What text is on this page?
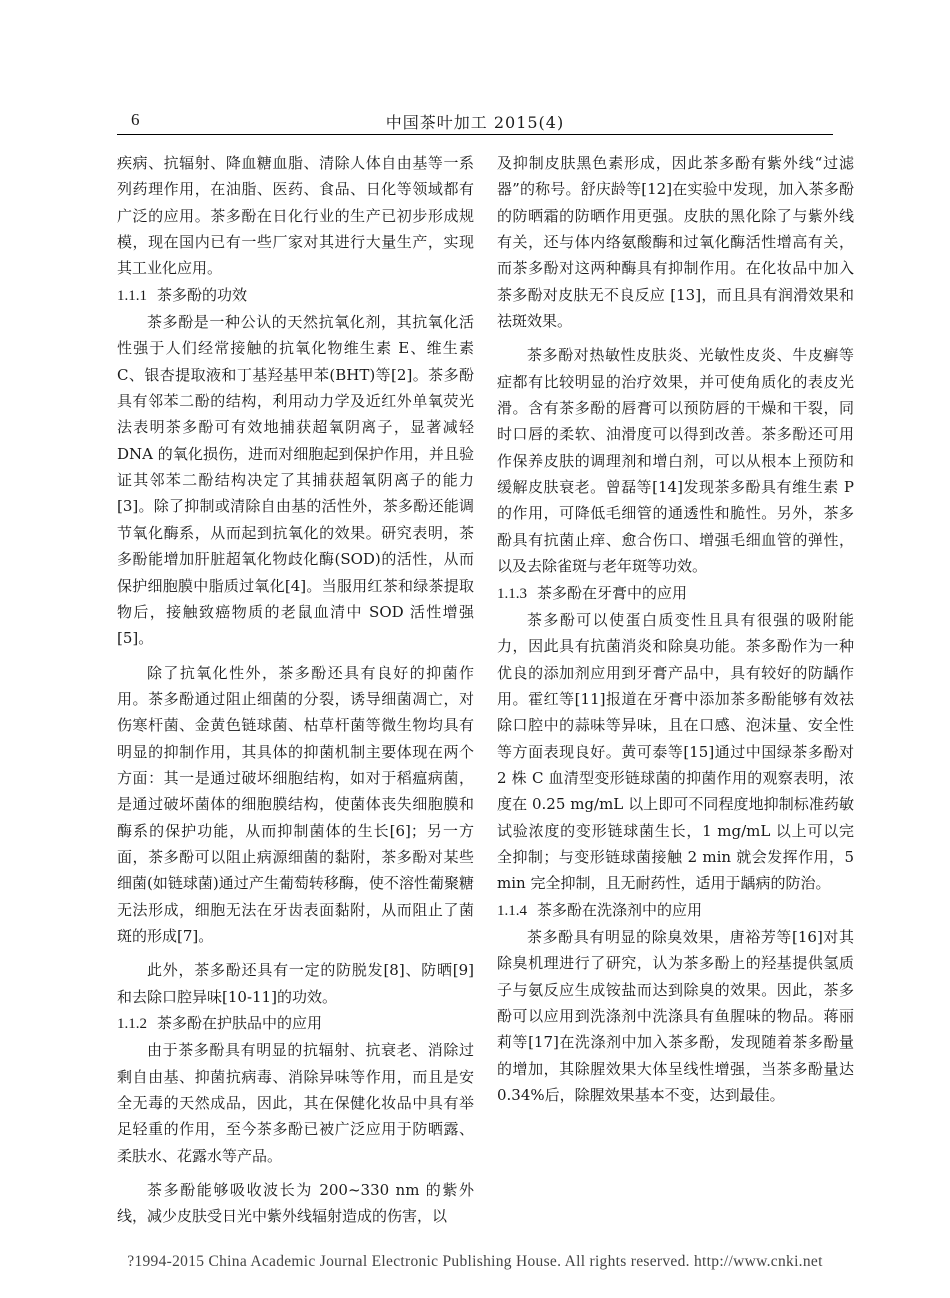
6	中国茶叶加工 2015(4)

疾病、抗辐射、降血糖血脂、清除人体自由基等一系列药理作用，在油脂、医药、食品、日化等领域都有广泛的应用。茶多酚在日化行业的生产已初步形成规模，现在国内已有一些厂家对其进行大量生产，实现其工业化应用。

1.1.1 茶多酚的功效

茶多酚是一种公认的天然抗氧化剂，其抗氧化活性强于人们经常接触的抗氧化物维生素 E、维生素 C、银杏提取液和丁基羟基甲苯(BHT)等[2]。茶多酚具有邻苯二酚的结构，利用动力学及近红外单氧荧光法表明茶多酚可有效地捕获超氧阴离子，显著减轻 DNA 的氧化损伤，进而对细胞起到保护作用，并且验证其邻苯二酚结构决定了其捕获超氧阴离子的能力[3]。除了抑制或清除自由基的活性外，茶多酚还能调节氧化酶系，从而起到抗氧化的效果。研究表明，茶多酚能增加肝脏超氧化物歧化酶(SOD)的活性，从而保护细胞膜中脂质过氧化[4]。当服用红茶和绿茶提取物后，接触致癌物质的老鼠血清中 SOD 活性增强[5]。

除了抗氧化性外，茶多酚还具有良好的抑菌作用。茶多酚通过阻止细菌的分裂，诱导细菌凋亡，对伤寒杆菌、金黄色链球菌、枯草杆菌等微生物均具有明显的抑制作用，其具体的抑菌机制主要体现在两个方面：其一是通过破坏细胞结构，如对于稻瘟病菌，是通过破坏菌体的细胞膜结构，使菌体丧失细胞膜和酶系的保护功能，从而抑制菌体的生长[6]；另一方面，茶多酚可以阻止病源细菌的黏附，茶多酚对某些细菌(如链球菌)通过产生葡萄转移酶，使不溶性葡聚糖无法形成，细胞无法在牙齿表面黏附，从而阻止了菌斑的形成[7]。

此外，茶多酚还具有一定的防脱发[8]、防晒[9]和去除口腔异味[10-11]的功效。

1.1.2 茶多酚在护肤品中的应用

由于茶多酚具有明显的抗辐射、抗衰老、消除过剩自由基、抑菌抗病毒、消除异味等作用，而且是安全无毒的天然成品，因此，其在保健化妆品中具有举足轻重的作用，至今茶多酚已被广泛应用于防晒露、柔肤水、花露水等产品。

茶多酚能够吸收波长为 200~330 nm 的紫外线，减少皮肤受日光中紫外线辐射造成的伤害，以

及抑制皮肤黑色素形成，因此茶多酚有紫外线“过滤器”的称号。舒庆龄等[12]在实验中发现，加入茶多酚的防晒霜的防晒作用更强。皮肤的黑化除了与紫外线有关，还与体内络氨酸酶和过氧化酶活性增高有关，而茶多酚对这两种酶具有抑制作用。在化妆品中加入茶多酚对皮肤无不良反应 [13]，而且具有润滑效果和祛斑效果。

茶多酚对热敏性皮肤炎、光敏性皮炎、牛皮癣等症都有比较明显的治疗效果，并可使角质化的表皮光滑。含有茶多酚的唇膏可以预防唇的干燥和干裂，同时口唇的柔软、油滑度可以得到改善。茶多酚还可用作保养皮肤的调理剂和增白剂，可以从根本上预防和缓解皮肤衰老。曾磊等[14]发现茶多酚具有维生素 P 的作用，可降低毛细管的通透性和脆性。另外，茶多酚具有抗菌止痒、愈合伤口、增强毛细血管的弹性，以及去除雀斑与老年斑等功效。

1.1.3 茶多酚在牙膏中的应用

茶多酚可以使蛋白质变性且具有很强的吸附能力，因此具有抗菌消炎和除臭功能。茶多酚作为一种优良的添加剂应用到牙膏产品中，具有较好的防龋作用。霍红等[11]报道在牙膏中添加茶多酚能够有效祛除口腔中的蒜味等异味，且在口感、泡沫量、安全性等方面表现良好。黄可泰等[15]通过中国绿茶多酚对 2 株 C 血清型变形链球菌的抑菌作用的观察表明，浓度在 0.25 mg/mL 以上即可不同程度地抑制标准药敏试验浓度的变形链球菌生长，1 mg/mL 以上可以完全抑制；与变形链球菌接触 2 min 就会发挥作用，5 min 完全抑制，且无耐药性，适用于龋病的防治。

1.1.4 茶多酚在洗涤剂中的应用

茶多酚具有明显的除臭效果，唐裕芳等[16]对其除臭机理进行了研究，认为茶多酚上的羟基提供氢质子与氨反应生成铵盐而达到除臭的效果。因此，茶多酚可以应用到洗涤剂中洗涤具有鱼腥味的物品。蒋丽莉等[17]在洗涤剂中加入茶多酚，发现随着茶多酚量的增加，其除腥效果大体呈线性增强，当茶多酚量达 0.34%后，除腥效果基本不变，达到最佳。

?1994-2015 China Academic Journal Electronic Publishing House. All rights reserved. http://www.cnki.net
